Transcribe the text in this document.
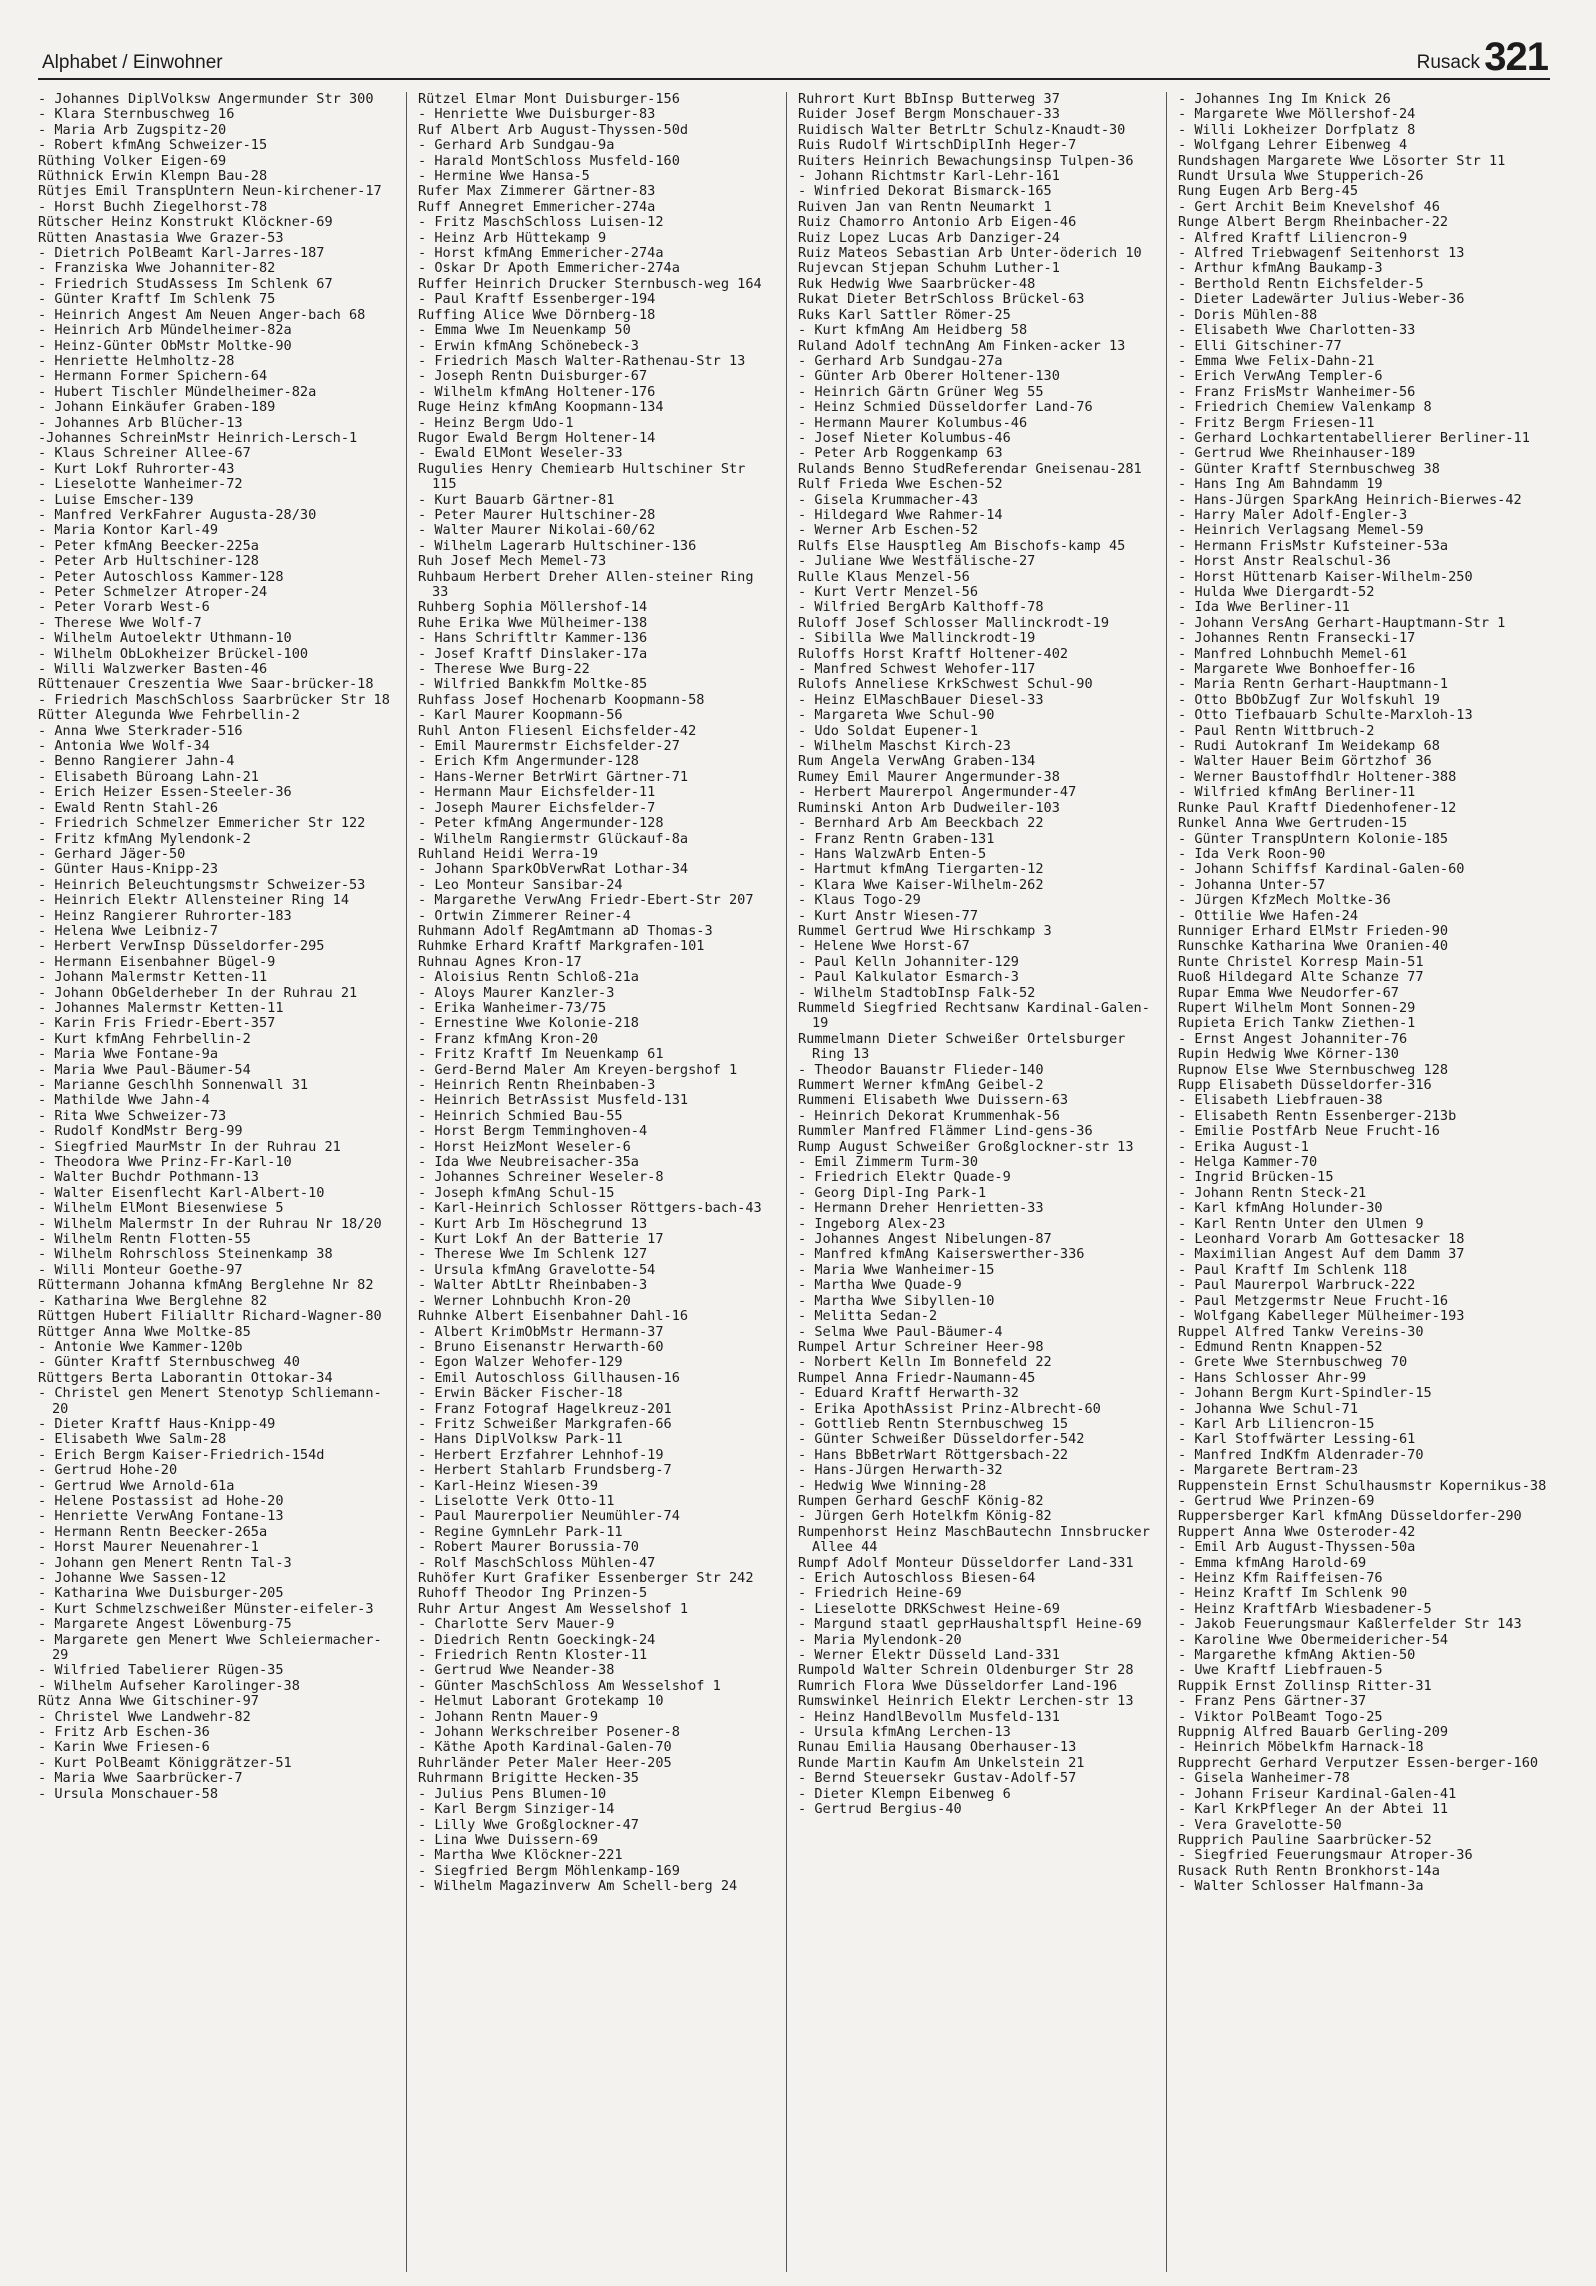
Alphabet / Einwohner	Rusack 321
- Johannes DiplVolksw Angermunder Str 300
- Klara Sternbuschweg 16
- Maria Arb Zugspitz-20
- Robert kfmAng Schweizer-15
Rüthing Volker Eigen-69
Rüthnick Erwin Klempn Bau-28
Rütjes Emil TranspUntern Neun-kirchener-17
- Horst Buchh Ziegelhorst-78
Rütscher Heinz Konstrukt Klöckner-69
Rütten Anastasia Wwe Grazer-53
- Dietrich PolBeamt Karl-Jarres-187
- Franziska Wwe Johanniter-82
- Friedrich StudAssess Im Schlenk 67
- Günter Kraftf Im Schlenk 75
- Heinrich Angest Am Neuen Anger-bach 68
- Heinrich Arb Mündelheimer-82a
- Heinz-Günter ObMstr Moltke-90
- Henriette Helmholtz-28
- Hermann Former Spichern-64
- Hubert Tischler Mündelheimer-82a
- Johann Einkäufer Graben-189
- Johannes Arb Blücher-13
-Johannes SchreinMstr Heinrich-Lersch-1
- Klaus Schreiner Allee-67
- Kurt Lokf Ruhrorter-43
- Lieselotte Wanheimer-72
- Luise Emscher-139
- Manfred VerkFahrer Augusta-28/30
- Maria Kontor Karl-49
- Peter kfmAng Beecker-225a
- Peter Arb Hultschiner-128
- Peter Autoschloss Kammer-128
- Peter Schmelzer Atroper-24
- Peter Vorarb West-6
- Therese Wwe Wolf-7
- Wilhelm Autoelektr Uthmann-10
- Wilhelm ObLokheizer Brückel-100
- Willi Walzwerker Basten-46
Rüttenauer Creszentia Wwe Saar-brücker-18
- Friedrich MaschSchloss Saarbrücker Str 18
Rütter Alegunda Wwe Fehrbellin-2
- Anna Wwe Sterkrader-516
- Antonia Wwe Wolf-34
- Benno Rangierer Jahn-4
- Elisabeth Büroang Lahn-21
- Erich Heizer Essen-Steeler-36
- Ewald Rentn Stahl-26
- Friedrich Schmelzer Emmericher Str 122
- Fritz kfmAng Mylendonk-2
- Gerhard Jäger-50
- Günter Haus-Knipp-23
- Heinrich Beleuchtungsmstr Schweizer-53
- Heinrich Elektr Allensteiner Ring 14
- Heinz Rangierer Ruhrorter-183
- Helena Wwe Leibniz-7
- Herbert VerwInsp Düsseldorfer-295
- Hermann Eisenbahner Bügel-9
- Johann Malermstr Ketten-11
- Johann ObGelderheber In der Ruhrau 21
- Johannes Malermstr Ketten-11
- Karin Fris Friedr-Ebert-357
- Kurt kfmAng Fehrbellin-2
- Maria Wwe Fontane-9a
- Maria Wwe Paul-Bäumer-54
- Marianne Geschlhh Sonnenwall 31
- Mathilde Wwe Jahn-4
- Rita Wwe Schweizer-73
- Rudolf KondMstr Berg-99
- Siegfried MaurMstr In der Ruhrau 21
- Theodora Wwe Prinz-Fr-Karl-10
- Walter Buchdr Pothmann-13
- Walter Eisenflecht Karl-Albert-10
- Wilhelm ElMont Biesenwiese 5
- Wilhelm Malermstr In der Ruhrau Nr 18/20
- Wilhelm Rentn Flotten-55
- Wilhelm Rohrschloss Steinenkamp 38
- Willi Monteur Goethe-97
Rüttermann Johanna kfmAng Berglehne Nr 82
- Katharina Wwe Berglehne 82
Rüttgen Hubert Filialltr Richard-Wagner-80
Rüttger Anna Wwe Moltke-85
- Antonie Wwe Kammer-120b
- Günter Kraftf Sternbuschweg 40
Rüttgers Berta Laborantin Ottokar-34
- Christel gen Menert Stenotyp Schliemann-20
- Dieter Kraftf Haus-Knipp-49
- Elisabeth Wwe Salm-28
- Erich Bergm Kaiser-Friedrich-154d
- Gertrud Hohe-20
- Gertrud Wwe Arnold-61a
- Helene Postassist ad Hohe-20
- Henriette VerwAng Fontane-13
- Hermann Rentn Beecker-265a
- Horst Maurer Neuenahrer-1
- Johann gen Menert Rentn Tal-3
- Johanne Wwe Sassen-12
- Katharina Wwe Duisburger-205
- Kurt Schmelzschweißer Münster-eifeler-3
- Margarete Angest Löwenburg-75
- Margarete gen Menert Wwe Schleiermacher-29
- Wilfried Tabelierer Rügen-35
- Wilhelm Aufseher Karolinger-38
Rütz Anna Wwe Gitschiner-97
- Christel Wwe Landwehr-82
- Fritz Arb Eschen-36
- Karin Wwe Friesen-6
- Kurt PolBeamt Königgrätzer-51
- Maria Wwe Saarbrücker-7
- Ursula Monschauer-58
Rützel Elmar Mont Duisburger-156
- Henriette Wwe Duisburger-83
Ruf Albert Arb August-Thyssen-50d
- Gerhard Arb Sundgau-9a
- Harald MontSchloss Musfeld-160
- Hermine Wwe Hansa-5
Rufer Max Zimmerer Gärtner-83
Ruff Annegret Emmericher-274a
- Fritz MaschSchloss Luisen-12
- Heinz Arb Hüttekamp 9
- Horst kfmAng Emmericher-274a
- Oskar Dr Apoth Emmericher-274a
Ruffer Heinrich Drucker Sternbusch-weg 164
- Paul Kraftf Essenberger-194
Ruffing Alice Wwe Dörnberg-18
- Emma Wwe Im Neuenkamp 50
- Erwin kfmAng Schönebeck-3
- Friedrich Masch Walter-Rathenau-Str 13
- Joseph Rentn Duisburger-67
- Wilhelm kfmAng Holtener-176
Ruge Heinz kfmAng Koopmann-134
- Heinz Bergm Udo-1
Rugor Ewald Bergm Holtener-14
- Ewald ElMont Weseler-33
Rugulies Henry Chemiearb Hultschiner Str 115
- Kurt Bauarb Gärtner-81
- Peter Maurer Hultschiner-28
- Walter Maurer Nikolai-60/62
- Wilhelm Lagerarb Hultschiner-136
Ruh Josef Mech Memel-73
Ruhbaum Herbert Dreher Allen-steiner Ring 33
Ruhberg Sophia Möllershof-14
Ruhe Erika Wwe Mülheimer-138
- Hans Schriftltr Kammer-136
- Josef Kraftf Dinslaker-17a
- Therese Wwe Burg-22
- Wilfried Bankkfm Moltke-85
Ruhfass Josef Hochenarb Koopmann-58
- Karl Maurer Koopmann-56
Ruhl Anton Fliesenl Eichsfelder-42
- Emil Maurermstr Eichsfelder-27
- Erich Kfm Angermunder-128
- Hans-Werner BetrWirt Gärtner-71
- Hermann Maur Eichsfelder-11
- Joseph Maurer Eichsfelder-7
- Peter kfmAng Angermunder-128
- Wilhelm Rangiermstr Glückauf-8a
Ruhland Heidi Werra-19
- Johann SparkObVerwRat Lothar-34
- Leo Monteur Sansibar-24
- Margarethe VerwAng Friedr-Ebert-Str 207
- Ortwin Zimmerer Reiner-4
Ruhmann Adolf RegAmtmann aD Thomas-3
Ruhmke Erhard Kraftf Markgrafen-101
Ruhnau Agnes Kron-17
- Aloisius Rentn Schloß-21a
- Aloys Maurer Kanzler-3
- Erika Wanheimer-73/75
- Ernestine Wwe Kolonie-218
- Franz kfmAng Kron-20
- Fritz Kraftf Im Neuenkamp 61
- Gerd-Bernd Maler Am Kreyen-bergshof 1
- Heinrich Rentn Rheinbaben-3
- Heinrich BetrAssist Musfeld-131
- Heinrich Schmied Bau-55
- Horst Bergm Temminghoven-4
- Horst HeizMont Weseler-6
- Ida Wwe Neubreisacher-35a
- Johannes Schreiner Weseler-8
- Joseph kfmAng Schul-15
- Karl-Heinrich Schlosser Röttgers-bach-43
- Kurt Arb Im Höschegrund 13
- Kurt Lokf An der Batterie 17
- Therese Wwe Im Schlenk 127
- Ursula kfmAng Gravelotte-54
- Walter AbtLtr Rheinbaben-3
- Werner Lohnbuchh Kron-20
Ruhnke Albert Eisenbahner Dahl-16
- Albert KrimObMstr Hermann-37
- Bruno Eisenanstr Herwarth-60
- Egon Walzer Wehofer-129
- Emil Autoschloss Gillhausen-16
- Erwin Bäcker Fischer-18
- Franz Fotograf Hagelkreuz-201
- Fritz Schweißer Markgrafen-66
- Hans DiplVolksw Park-11
- Herbert Erzfahrer Lehnhof-19
- Herbert Stahlarb Frundsberg-7
- Karl-Heinz Wiesen-39
- Liselotte Verk Otto-11
- Paul Maurerpolier Neumühler-74
- Regine GymnLehr Park-11
- Robert Maurer Borussia-70
- Rolf MaschSchloss Mühlen-47
Ruhöfer Kurt Grafiker Essenberger Str 242
Ruhoff Theodor Ing Prinzen-5
Ruhr Artur Angest Am Wesselshof 1
- Charlotte Serv Mauer-9
- Diedrich Rentn Goeckingk-24
- Friedrich Rentn Kloster-11
- Gertrud Wwe Neander-38
- Günter MaschSchloss Am Wesselshof 1
- Helmut Laborant Grotekamp 10
- Johann Rentn Mauer-9
- Johann Werkschreiber Posener-8
- Käthe Apoth Kardinal-Galen-70
Ruhrländer Peter Maler Heer-205
Ruhrmann Brigitte Hecken-35
- Julius Pens Blumen-10
- Karl Bergm Sinziger-14
- Lilly Wwe Großglockner-47
- Lina Wwe Duissern-69
- Martha Wwe Klöckner-221
- Siegfried Bergm Möhlenkamp-169
- Wilhelm Magazinverw Am Schell-berg 24
Ruhrort Kurt BbInsp Butterweg 37
Ruider Josef Bergm Monschauer-33
Ruidisch Walter BetrLtr Schulz-Knaudt-30
Ruis Rudolf WirtschDiplInh Heger-7
Ruiters Heinrich Bewachungsinsp Tulpen-36
- Johann Richtmstr Karl-Lehr-161
- Winfried Dekorat Bismarck-165
Ruiven Jan van Rentn Neumarkt 1
Ruiz Chamorro Antonio Arb Eigen-46
Ruiz Lopez Lucas Arb Danziger-24
Ruiz Mateos Sebastian Arb Unter-öderich 10
Rujevcan Stjepan Schuhm Luther-1
Ruk Hedwig Wwe Saarbrücker-48
Rukat Dieter BetrSchloss Brückel-63
Ruks Karl Sattler Römer-25
- Kurt kfmAng Am Heidberg 58
Ruland Adolf technAng Am Finken-acker 13
- Gerhard Arb Sundgau-27a
- Günter Arb Oberer Holtener-130
- Heinrich Gärtn Grüner Weg 55
- Heinz Schmied Düsseldorfer Land-76
- Hermann Maurer Kolumbus-46
- Josef Nieter Kolumbus-46
- Peter Arb Roggenkamp 63
Rulands Benno StudReferendar Gneisenau-281
Rulf Frieda Wwe Eschen-52
- Gisela Krummacher-43
- Hildegard Wwe Rahmer-14
- Werner Arb Eschen-52
Rulfs Else Hausptleg Am Bischofs-kamp 45
- Juliane Wwe Westfälische-27
Rulle Klaus Menzel-56
- Kurt Vertr Menzel-56
- Wilfried BergArb Kalthoff-78
Ruloff Josef Schlosser Mallinckrodt-19
- Sibilla Wwe Mallinckrodt-19
Ruloffs Horst Kraftf Holtener-402
- Manfred Schwest Wehofer-117
Rulofs Anneliese KrkSchwest Schul-90
- Heinz ElMaschBauer Diesel-33
- Margareta Wwe Schul-90
- Udo Soldat Eupener-1
- Wilhelm Maschst Kirch-23
Rum Angela VerwAng Graben-134
Rumey Emil Maurer Angermunder-38
- Herbert Maurerpol Angermunder-47
Ruminski Anton Arb Dudweiler-103
- Bernhard Arb Am Beeckbach 22
- Franz Rentn Graben-131
- Hans WalzwArb Enten-5
- Hartmut kfmAng Tiergarten-12
- Klara Wwe Kaiser-Wilhelm-262
- Klaus Togo-29
- Kurt Anstr Wiesen-77
Rummel Gertrud Wwe Hirschkamp 3
- Helene Wwe Horst-67
- Paul Kelln Johanniter-129
- Paul Kalkulator Esmarch-3
- Wilhelm StadtobInsp Falk-52
Rummeld Siegfried Rechtsanw Kardinal-Galen-19
Rummelmann Dieter Schweißer Ortelsburger Ring 13
- Theodor Bauanstr Flieder-140
Rummert Werner kfmAng Geibel-2
Rummeni Elisabeth Wwe Duissern-63
- Heinrich Dekorat Krummenhak-56
Rummler Manfred Flämmer Lind-gens-36
Rump August Schweißer Großglockner-str 13
- Emil Zimmerm Turm-30
- Friedrich Elektr Quade-9
- Georg Dipl-Ing Park-1
- Hermann Dreher Henrietten-33
- Ingeborg Alex-23
- Johannes Angest Nibelungen-87
- Manfred kfmAng Kaiserswerther-336
- Maria Wwe Wanheimer-15
- Martha Wwe Quade-9
- Martha Wwe Sibyllen-10
- Melitta Sedan-2
- Selma Wwe Paul-Bäumer-4
Rumpel Artur Schreiner Heer-98
- Norbert Kelln Im Bonnefeld 22
Rumpel Anna Friedr-Naumann-45
- Eduard Kraftf Herwarth-32
- Erika ApothAssist Prinz-Albrecht-60
- Gottlieb Rentn Sternbuschweg 15
- Günter Schweißer Düsseldorfer-542
- Hans BbBetrWart Röttgersbach-22
- Hans-Jürgen Herwarth-32
- Hedwig Wwe Winning-28
Rumpen Gerhard GeschF König-82
- Jürgen Gerh Hotelkfm König-82
Rumpenhorst Heinz MaschBautechn Innsbrucker Allee 44
Rumpf Adolf Monteur Düsseldorfer Land-331
- Erich Autoschloss Biesen-64
- Friedrich Heine-69
- Lieselotte DRKSchwest Heine-69
- Margund staatl geprHaushaltspfl Heine-69
- Maria Mylendonk-20
- Werner Elektr Düsseld Land-331
Rumpold Walter Schrein Oldenburger Str 28
Rumrich Flora Wwe Düsseldorfer Land-196
Rumswinkel Heinrich Elektr Lerchen-str 13
- Heinz HandlBevollm Musfeld-131
- Ursula kfmAng Lerchen-13
Runau Emilia Hausang Oberhauser-13
Runde Martin Kaufm Am Unkelstein 21
- Bernd Steuersekr Gustav-Adolf-57
- Dieter Klempn Eibenweg 6
- Gertrud Bergius-40
- Johannes Ing Im Knick 26
- Margarete Wwe Möllershof-24
- Willi Lokheizer Dorfplatz 8
- Wolfgang Lehrer Eibenweg 4
Rundshagen Margarete Wwe Lösorter Str 11
Rundt Ursula Wwe Stupperich-26
Rung Eugen Arb Berg-45
- Gert Archit Beim Knevelshof 46
Runge Albert Bergm Rheinbacher-22
- Alfred Kraftf Liliencron-9
- Alfred Triebwagenf Seitenhorst 13
- Arthur kfmAng Baukamp-3
- Berthold Rentn Eichsfelder-5
- Dieter Ladewärter Julius-Weber-36
- Doris Mühlen-88
- Elisabeth Wwe Charlotten-33
- Elli Gitschiner-77
- Emma Wwe Felix-Dahn-21
- Erich VerwAng Templer-6
- Franz FrisMstr Wanheimer-56
- Friedrich Chemiew Valenkamp 8
- Fritz Bergm Friesen-11
- Gerhard Lochkartentabellierer Berliner-11
- Gertrud Wwe Rheinhauser-189
- Günter Kraftf Sternbuschweg 38
- Hans Ing Am Bahndamm 19
- Hans-Jürgen SparkAng Heinrich-Bierwes-42
- Harry Maler Adolf-Engler-3
- Heinrich Verlagsang Memel-59
- Hermann FrisMstr Kufsteiner-53a
- Horst Anstr Realschul-36
- Horst Hüttenarb Kaiser-Wilhelm-250
- Hulda Wwe Diergardt-52
- Ida Wwe Berliner-11
- Johann VersAng Gerhart-Hauptmann-Str 1
- Johannes Rentn Fransecki-17
- Manfred Lohnbuchh Memel-61
- Margarete Wwe Bonhoeffer-16
- Maria Rentn Gerhart-Hauptmann-1
- Otto BbObZugf Zur Wolfskuhl 19
- Otto Tiefbauarb Schulte-Marxloh-13
- Paul Rentn Wittbruch-2
- Rudi Autokranf Im Weidekamp 68
- Walter Hauer Beim Görtzhof 36
- Werner Baustoffhdlr Holtener-388
- Wilfried kfmAng Berliner-11
Runke Paul Kraftf Diedenhofener-12
Runkel Anna Wwe Gertruden-15
- Günter TranspUntern Kolonie-185
- Ida Verk Roon-90
- Johann Schiffsf Kardinal-Galen-60
- Johanna Unter-57
- Jürgen KfzMech Moltke-36
- Ottilie Wwe Hafen-24
Runniger Erhard ElMstr Frieden-90
Runschke Katharina Wwe Oranien-40
Runte Christel Korresp Main-51
Ruoß Hildegard Alte Schanze 77
Rupar Emma Wwe Neudorfer-67
Rupert Wilhelm Mont Sonnen-29
Rupieta Erich Tankw Ziethen-1
- Ernst Angest Johanniter-76
Rupin Hedwig Wwe Körner-130
Rupnow Else Wwe Sternbuschweg 128
Rupp Elisabeth Düsseldorfer-316
- Elisabeth Liebfrauen-38
- Elisabeth Rentn Essenberger-213b
- Emilie PostfArb Neue Frucht-16
- Erika August-1
- Helga Kammer-70
- Ingrid Brücken-15
- Johann Rentn Steck-21
- Karl kfmAng Holunder-30
- Karl Rentn Unter den Ulmen 9
- Leonhard Vorarb Am Gottesacker 18
- Maximilian Angest Auf dem Damm 37
- Paul Kraftf Im Schlenk 118
- Paul Maurerpol Warbruck-222
- Paul Metzgermstr Neue Frucht-16
- Wolfgang Kabelleger Mülheimer-193
Ruppel Alfred Tankw Vereins-30
- Edmund Rentn Knappen-52
- Grete Wwe Sternbuschweg 70
- Hans Schlosser Ahr-99
- Johann Bergm Kurt-Spindler-15
- Johanna Wwe Schul-71
- Karl Arb Liliencron-15
- Karl Stoffwärter Lessing-61
- Manfred IndKfm Aldenrader-70
- Margarete Bertram-23
Ruppenstein Ernst Schulhausmstr Kopernikus-38
- Gertrud Wwe Prinzen-69
Ruppersberger Karl kfmAng Düsseldorfer-290
Ruppert Anna Wwe Osteroder-42
- Emil Arb August-Thyssen-50a
- Emma kfmAng Harold-69
- Heinz Kfm Raiffeisen-76
- Heinz Kraftf Im Schlenk 90
- Heinz KraftfArb Wiesbadener-5
- Jakob Feuerungsmaur Kaßlerfelder Str 143
- Karoline Wwe Obermeidericher-54
- Margarethe kfmAng Aktien-50
- Uwe Kraftf Liebfrauen-5
Ruppik Ernst Zollinsp Ritter-31
- Franz Pens Gärtner-37
- Viktor PolBeamt Togo-25
Ruppnig Alfred Bauarb Gerling-209
- Heinrich Möbelkfm Harnack-18
Rupprecht Gerhard Verputzer Essen-berger-160
- Gisela Wanheimer-78
- Johann Friseur Kardinal-Galen-41
- Karl KrkPfleger An der Abtei 11
- Vera Gravelotte-50
Rupprich Pauline Saarbrücker-52
- Siegfried Feuerungsmaur Atroper-36
Rusack Ruth Rentn Bronkhorst-14a
- Walter Schlosser Halfmann-3a
